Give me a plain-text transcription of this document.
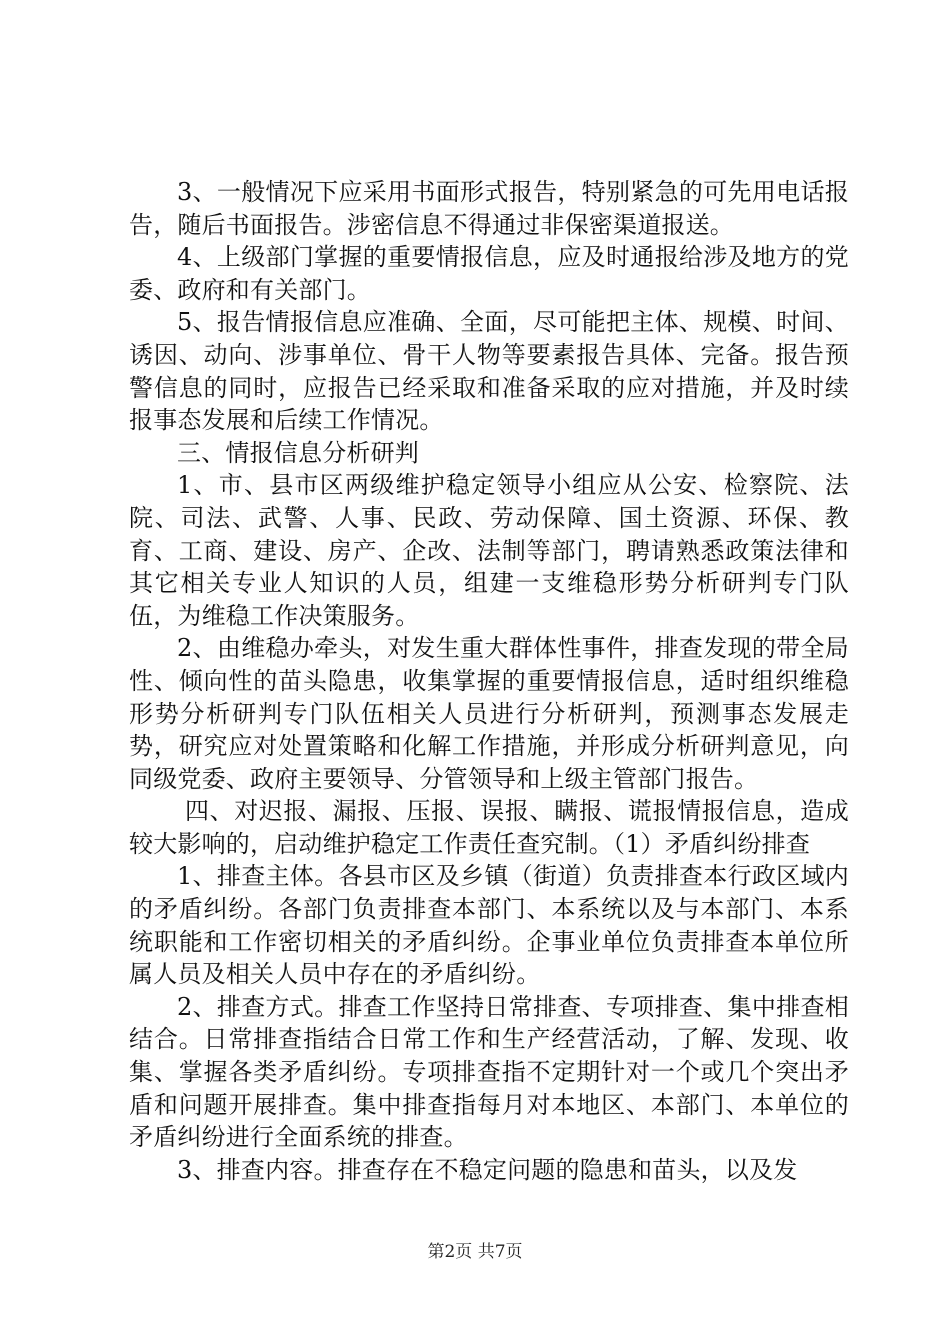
3、一般情况下应采用书面形式报告，特别紧急的可先用电话报告，随后书面报告。涉密信息不得通过非保密渠道报送。

4、上级部门掌握的重要情报信息，应及时通报给涉及地方的党委、政府和有关部门。

5、报告情报信息应准确、全面，尽可能把主体、规模、时间、诱因、动向、涉事单位、骨干人物等要素报告具体、完备。报告预警信息的同时，应报告已经采取和准备采取的应对措施，并及时续报事态发展和后续工作情况。

三、情报信息分析研判

1、市、县市区两级维护稳定领导小组应从公安、检察院、法院、司法、武警、人事、民政、劳动保障、国土资源、环保、教育、工商、建设、房产、企改、法制等部门，聘请熟悉政策法律和其它相关专业人知识的人员，组建一支维稳形势分析研判专门队伍，为维稳工作决策服务。

2、由维稳办牵头，对发生重大群体性事件，排查发现的带全局性、倾向性的苗头隐患，收集掌握的重要情报信息，适时组织维稳形势分析研判专门队伍相关人员进行分析研判，预测事态发展走势，研究应对处置策略和化解工作措施，并形成分析研判意见，向同级党委、政府主要领导、分管领导和上级主管部门报告。

四、对迟报、漏报、压报、误报、瞒报、谎报情报信息，造成较大影响的，启动维护稳定工作责任查究制。（1）矛盾纠纷排查

1、排查主体。各县市区及乡镇（街道）负责排查本行政区域内的矛盾纠纷。各部门负责排查本部门、本系统以及与本部门、本系统职能和工作密切相关的矛盾纠纷。企事业单位负责排查本单位所属人员及相关人员中存在的矛盾纠纷。

2、排查方式。排查工作坚持日常排查、专项排查、集中排查相结合。日常排查指结合日常工作和生产经营活动，了解、发现、收集、掌握各类矛盾纠纷。专项排查指不定期针对一个或几个突出矛盾和问题开展排查。集中排查指每月对本地区、本部门、本单位的矛盾纠纷进行全面系统的排查。

3、排查内容。排查存在不稳定问题的隐患和苗头，以及发

第2页 共7页
